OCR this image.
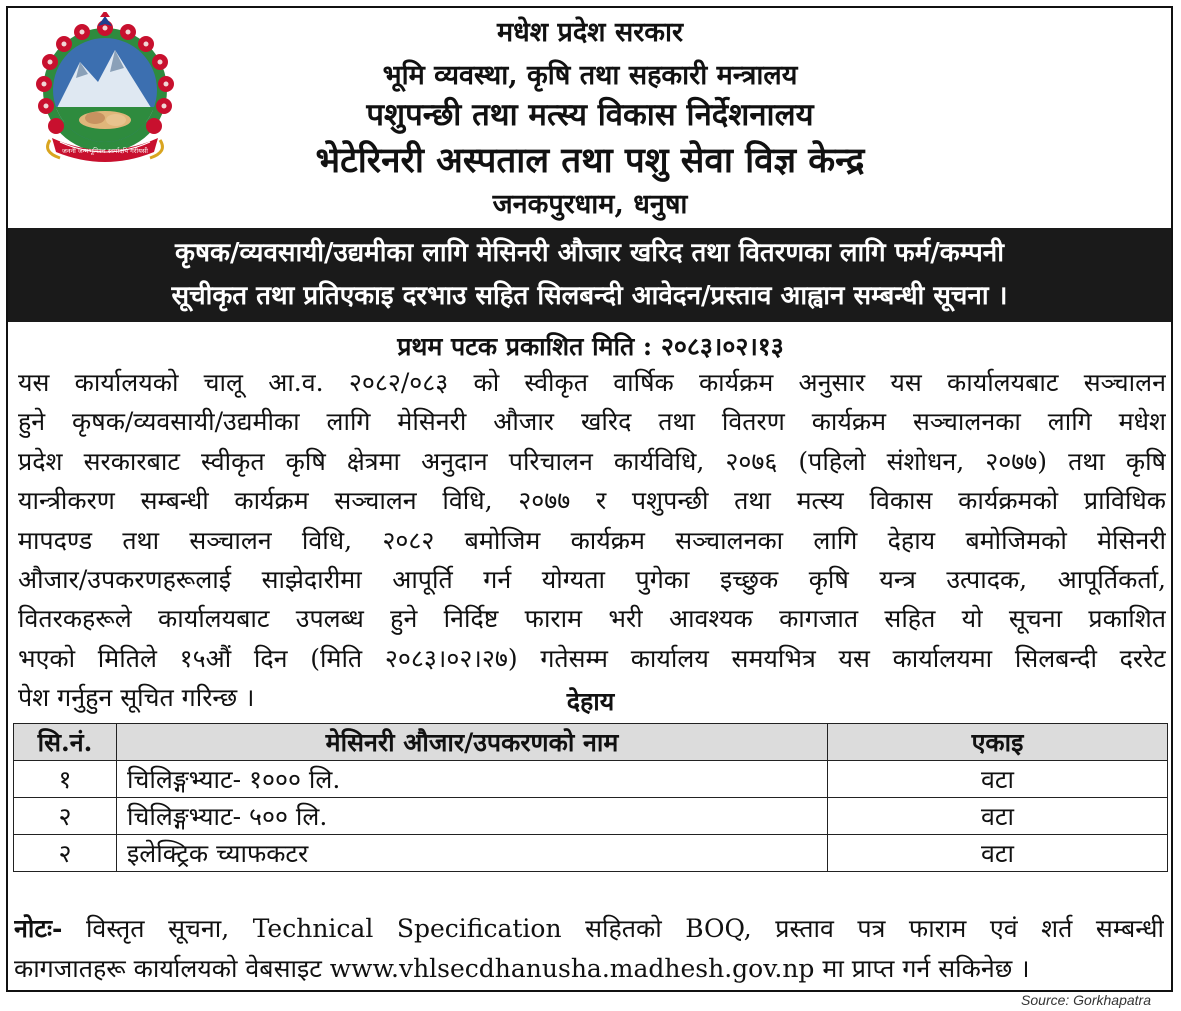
जननी जन्मभूमिश्च स्वर्गादपि गरीयसी
मधेश प्रदेश सरकार
भूमि व्यवस्था, कृषि तथा सहकारी मन्त्रालय
पशुपन्छी तथा मत्स्य विकास निर्देशनालय
भेटेरिनरी अस्पताल तथा पशु सेवा विज्ञ केन्द्र
जनकपुरधाम, धनुषा
कृषक/व्यवसायी/उद्यमीका लागि मेसिनरी औजार खरिद तथा वितरणका लागि फर्म/कम्पनी
सूचीकृत तथा प्रतिएकाइ दरभाउ सहित सिलबन्दी आवेदन/प्रस्ताव आह्वान सम्बन्धी सूचना ।
प्रथम पटक प्रकाशित मिति : २०८३।०२।१३
यस कार्यालयको चालू आ.व. २०८२/०८३ को स्वीकृत वार्षिक कार्यक्रम अनुसार यस कार्यालयबाट सञ्चालन
हुने कृषक/व्यवसायी/उद्यमीका लागि मेसिनरी औजार खरिद तथा वितरण कार्यक्रम सञ्चालनका लागि मधेश
प्रदेश सरकारबाट स्वीकृत कृषि क्षेत्रमा अनुदान परिचालन कार्यविधि, २०७६ (पहिलो संशोधन, २०७७) तथा कृषि
यान्त्रीकरण सम्बन्धी कार्यक्रम सञ्चालन विधि, २०७७ र पशुपन्छी तथा मत्स्य विकास कार्यक्रमको प्राविधिक
मापदण्ड तथा सञ्चालन विधि, २०८२ बमोजिम कार्यक्रम सञ्चालनका लागि देहाय बमोजिमको मेसिनरी
औजार/उपकरणहरूलाई साझेदारीमा आपूर्ति गर्न योग्यता पुगेका इच्छुक कृषि यन्त्र उत्पादक, आपूर्तिकर्ता,
वितरकहरूले कार्यालयबाट उपलब्ध हुने निर्दिष्ट फाराम भरी आवश्यक कागजात सहित यो सूचना प्रकाशित
भएको मितिले १५औं दिन (मिति २०८३।०२।२७) गतेसम्म कार्यालय समयभित्र यस कार्यालयमा सिलबन्दी दररेट
पेश गर्नुहुन सूचित गरिन्छ ।	देहाय
सि.नं.	मेसिनरी औजार/उपकरणको नाम	एकाइ
१	चिलिङ्गभ्याट- १००० लि.	वटा
२	चिलिङ्गभ्याट- ५०० लि.	वटा
२	इलेक्ट्रिक च्याफकटर	वटा
नोटः- विस्तृत सूचना, Technical Specification सहितको BOQ, प्रस्ताव पत्र फाराम एवं शर्त सम्बन्धी
कागजातहरू कार्यालयको वेबसाइट www.vhlsecdhanusha.madhesh.gov.np मा प्राप्त गर्न सकिनेछ ।
Source: Gorkhapatra
